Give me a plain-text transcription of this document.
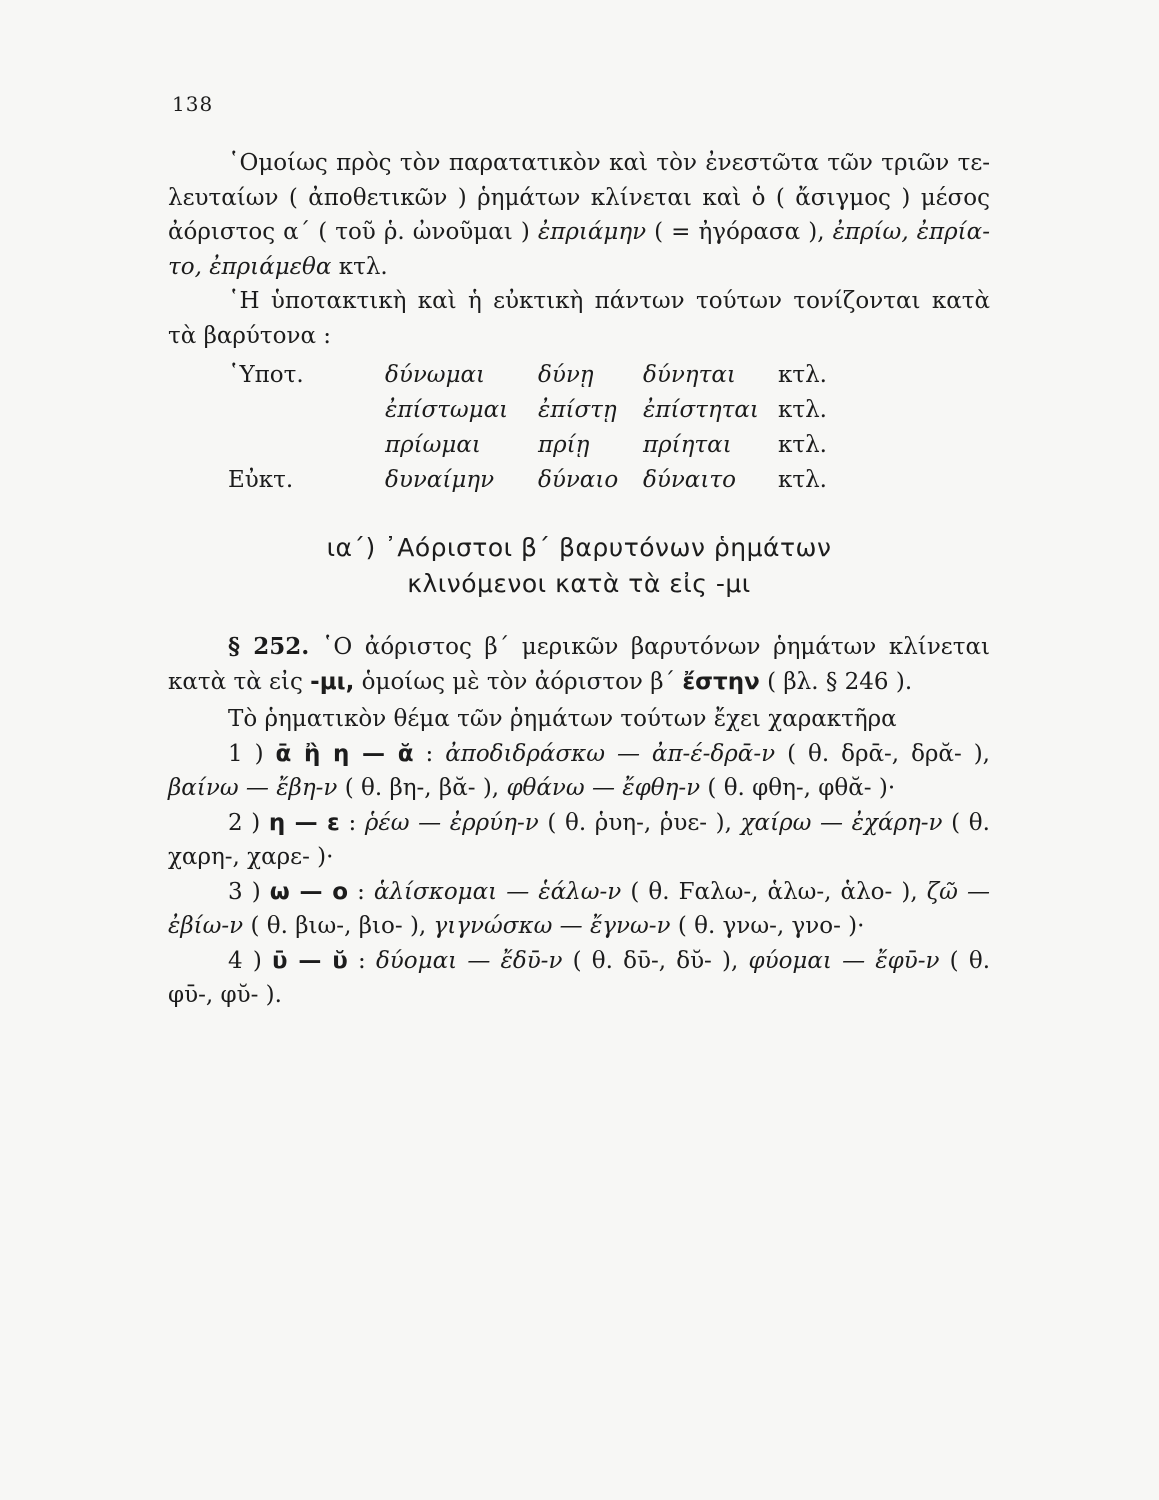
138

῾Ομοίως πρὸς τὸν παρατατικὸν καὶ τὸν ἐνεστῶτα τῶν τριῶν τε-λευταίων ( ἀποθετικῶν ) ῥημάτων κλίνεται καὶ ὁ ( ἄσιγμος ) μέσος ἀόριστος α΄ ( τοῦ ῥ. ὠνοῦμαι ) ἐπριάμην ( = ἠγόρασα ), ἐπρίω, ἐπρία-το, ἐπριάμεθα κτλ.

῾Η ὑποτακτικὴ καὶ ἡ εὐκτικὴ πάντων τούτων τονίζονται κατὰ τὰ βαρύτονα :

῾Υποτ.	δύνωμαι δύνῃ δύνηται κτλ.
ἐπίστωμαι ἐπίστῃ ἐπίστηται κτλ.
πρίωμαι πρίῃ πρίηται κτλ.
Εὐκτ.	δυναίμην δύναιο δύναιτο κτλ.
ια΄) ᾿Αόριστοι β΄ βαρυτόνων ῥημάτων
κλινόμενοι κατὰ τὰ εἰς -μι

§ 252. ῾Ο ἀόριστος β΄ μερικῶν βαρυτόνων ῥημάτων κλίνεται κατὰ τὰ εἰς -μι, ὁμοίως μὲ τὸν ἀόριστον β΄ ἔστην ( βλ. § 246 ).

Τὸ ῥηματικὸν θέμα τῶν ῥημάτων τούτων ἔχει χαρακτῆρα
1 ) ᾱ ἢ η — ᾰ : ἀποδιδράσκω — ἀπ-έ-δρᾱ-ν ( θ. δρᾱ-, δρᾰ- ), βαίνω — ἔβη-ν ( θ. βη-, βᾰ- ), φθάνω — ἔφθη-ν ( θ. φθη-, φθᾰ- )·
2 ) η — ε : ῥέω — ἐρρύη-ν ( θ. ῥυη-, ῥυε- ), χαίρω — ἐχάρη-ν ( θ. χαρη-, χαρε- )·
3 ) ω — ο : ἁλίσκομαι — ἑάλω-ν ( θ. Ϝαλω-, ἁλω-, ἁλο- ), ζῶ — ἐβίω-ν ( θ. βιω-, βιο- ), γιγνώσκω — ἔγνω-ν ( θ. γνω-, γνο- )·
4 ) ῡ — ῠ : δύομαι — ἔδῡ-ν ( θ. δῡ-, δῠ- ), φύομαι — ἔφῡ-ν ( θ. φῡ-, φῠ- ).
